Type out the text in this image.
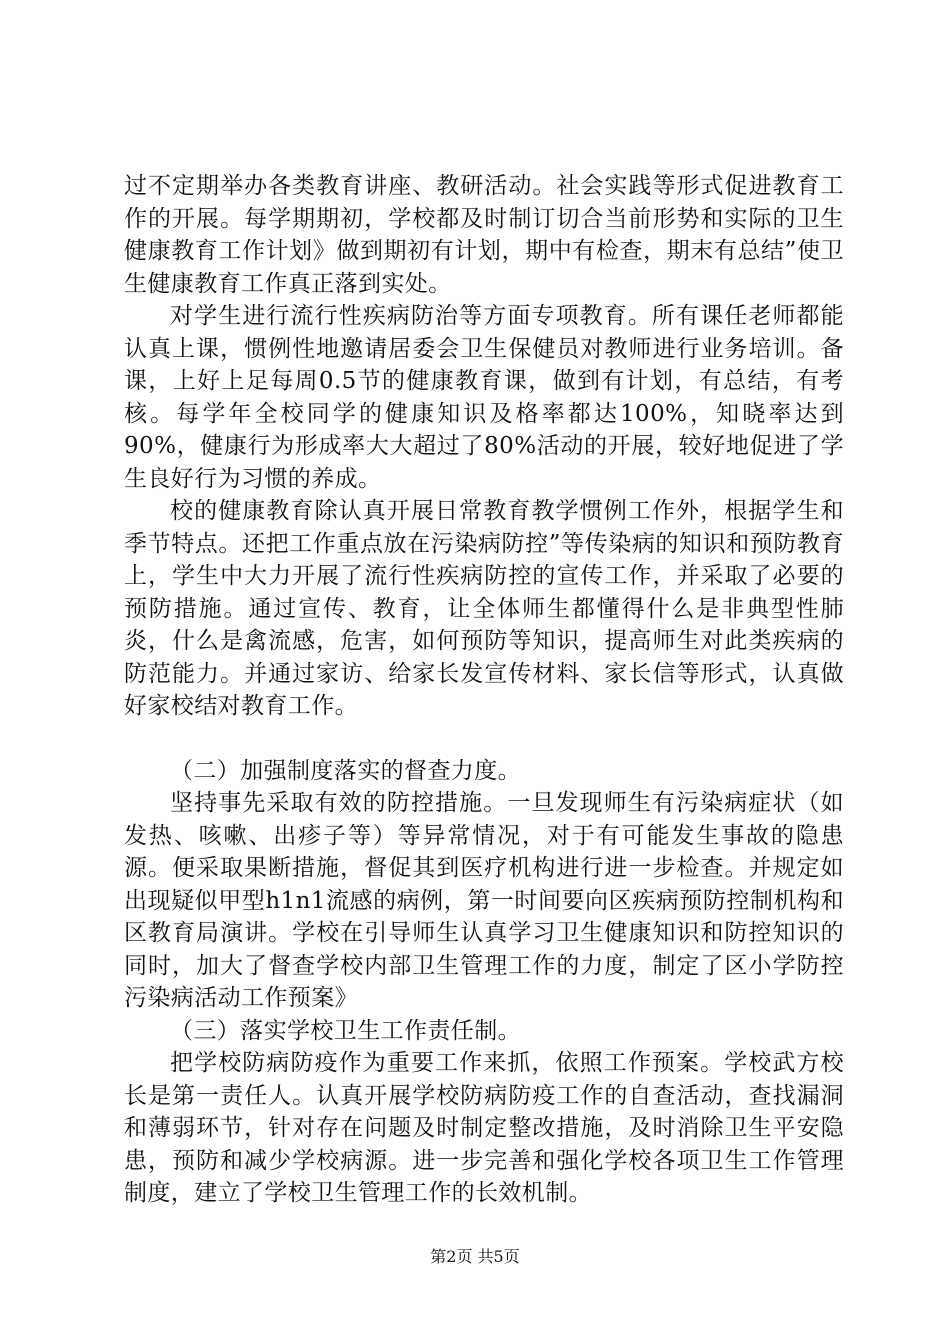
过不定期举办各类教育讲座、教研活动。社会实践等形式促进教育工作的开展。每学期期初，学校都及时制订切合当前形势和实际的卫生健康教育工作计划》做到期初有计划，期中有检查，期末有总结”使卫生健康教育工作真正落到实处。

对学生进行流行性疾病防治等方面专项教育。所有课任老师都能认真上课，惯例性地邀请居委会卫生保健员对教师进行业务培训。备课，上好上足每周0.5节的健康教育课，做到有计划，有总结，有考核。每学年全校同学的健康知识及格率都达100%，知晓率达到90%，健康行为形成率大大超过了80%活动的开展，较好地促进了学生良好行为习惯的养成。

校的健康教育除认真开展日常教育教学惯例工作外，根据学生和季节特点。还把工作重点放在污染病防控”等传染病的知识和预防教育上，学生中大力开展了流行性疾病防控的宣传工作，并采取了必要的预防措施。通过宣传、教育，让全体师生都懂得什么是非典型性肺炎，什么是禽流感，危害，如何预防等知识，提高师生对此类疾病的防范能力。并通过家访、给家长发宣传材料、家长信等形式，认真做好家校结对教育工作。

（二）加强制度落实的督查力度。

坚持事先采取有效的防控措施。一旦发现师生有污染病症状（如发热、咳嗽、出疹子等）等异常情况，对于有可能发生事故的隐患源。便采取果断措施，督促其到医疗机构进行进一步检查。并规定如出现疑似甲型h1n1流感的病例，第一时间要向区疾病预防控制机构和区教育局演讲。学校在引导师生认真学习卫生健康知识和防控知识的同时，加大了督查学校内部卫生管理工作的力度，制定了区小学防控污染病活动工作预案》

（三）落实学校卫生工作责任制。

把学校防病防疫作为重要工作来抓，依照工作预案。学校武方校长是第一责任人。认真开展学校防病防疫工作的自查活动，查找漏洞和薄弱环节，针对存在问题及时制定整改措施，及时消除卫生平安隐患，预防和减少学校病源。进一步完善和强化学校各项卫生工作管理制度，建立了学校卫生管理工作的长效机制。

第2页 共5页
